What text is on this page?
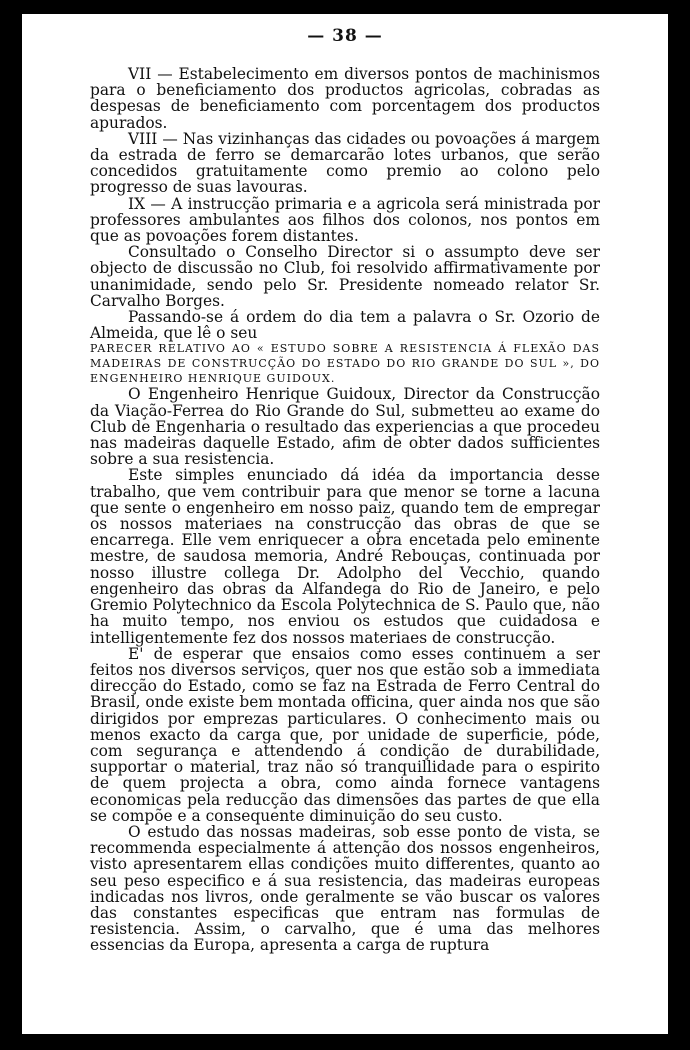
— 38 —

VII — Estabelecimento em diversos pontos de machinismos para o beneficiamento dos productos agricolas, cobradas as despesas de beneficiamento com porcentagem dos productos apurados.

VIII — Nas vizinhanças das cidades ou povoações á margem da estrada de ferro se demarcarão lotes urbanos, que serão concedidos gratuitamente como premio ao colono pelo progresso de suas lavouras.

IX — A instrucção primaria e a agricola será ministrada por professores ambulantes aos filhos dos colonos, nos pontos em que as povoações forem distantes.

Consultado o Conselho Director si o assumpto deve ser objecto de discussão no Club, foi resolvido affirmativamente por unanimidade, sendo pelo Sr. Presidente nomeado relator Sr. Carvalho Borges.

Passando-se á ordem do dia tem a palavra o Sr. Ozorio de Almeida, que lê o seu

PARECER RELATIVO AO « ESTUDO SOBRE A RESISTENCIA Á FLEXÃO DAS MADEIRAS DE CONSTRUCÇÃO DO ESTADO DO RIO GRANDE DO SUL », DO ENGENHEIRO HENRIQUE GUIDOUX.

O Engenheiro Henrique Guidoux, Director da Construcção da Viação-Ferrea do Rio Grande do Sul, submetteu ao exame do Club de Engenharia o resultado das experiencias a que procedeu nas madeiras daquelle Estado, afim de obter dados sufficientes sobre a sua resistencia.

Este simples enunciado dá idéa da importancia desse trabalho, que vem contribuir para que menor se torne a lacuna que sente o engenheiro em nosso paiz, quando tem de empregar os nossos materiaes na construcção das obras de que se encarrega. Elle vem enriquecer a obra encetada pelo eminente mestre, de saudosa memoria, André Rebouças, continuada por nosso illustre collega Dr. Adolpho del Vecchio, quando engenheiro das obras da Alfandega do Rio de Janeiro, e pelo Gremio Polytechnico da Escola Polytechnica de S. Paulo que, não ha muito tempo, nos enviou os estudos que cuidadosa e intelligentemente fez dos nossos materiaes de construcção.

E' de esperar que ensaios como esses continuem a ser feitos nos diversos serviços, quer nos que estão sob a immediata direcção do Estado, como se faz na Estrada de Ferro Central do Brasil, onde existe bem montada officina, quer ainda nos que são dirigidos por emprezas particulares. O conhecimento mais ou menos exacto da carga que, por unidade de superficie, póde, com segurança e attendendo á condição de durabilidade, supportar o material, traz não só tranquillidade para o espirito de quem projecta a obra, como ainda fornece vantagens economicas pela reducção das dimensões das partes de que ella se compõe e a consequente diminuição do seu custo.

O estudo das nossas madeiras, sob esse ponto de vista, se recommenda especialmente á attenção dos nossos engenheiros, visto apresentarem ellas condições muito differentes, quanto ao seu peso especifico e á sua resistencia, das madeiras europeas indicadas nos livros, onde geralmente se vão buscar os valores das constantes especificas que entram nas formulas de resistencia. Assim, o carvalho, que é uma das melhores essencias da Europa, apresenta a carga de ruptura
